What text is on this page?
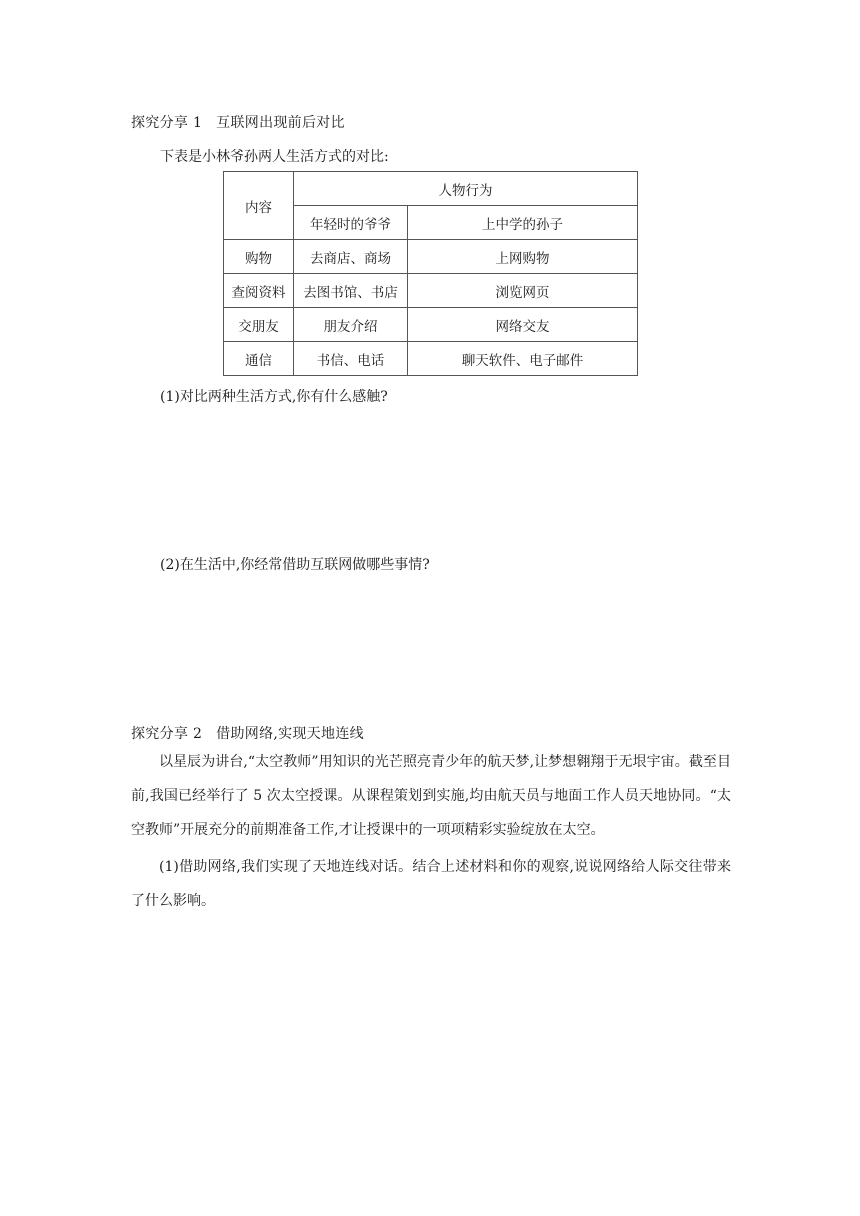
探究分享 1 互联网出现前后对比
下表是小林爷孙两人生活方式的对比:
内容	人物行为	
	年轻时的爷爷	上中学的孙子
购物	去商店、商场	上网购物
查阅资料	去图书馆、书店	浏览网页
交朋友	朋友介绍	网络交友
通信	书信、电话	聊天软件、电子邮件
(1)对比两种生活方式,你有什么感触?
(2)在生活中,你经常借助互联网做哪些事情?
探究分享 2 借助网络,实现天地连线

以星辰为讲台,“太空教师”用知识的光芒照亮青少年的航天梦,让梦想翱翔于无垠宇宙。截至目前,我国已经举行了 5 次太空授课。从课程策划到实施,均由航天员与地面工作人员天地协同。“太空教师”开展充分的前期准备工作,才让授课中的一项项精彩实验绽放在太空。

(1)借助网络,我们实现了天地连线对话。结合上述材料和你的观察,说说网络给人际交往带来了什么影响。
